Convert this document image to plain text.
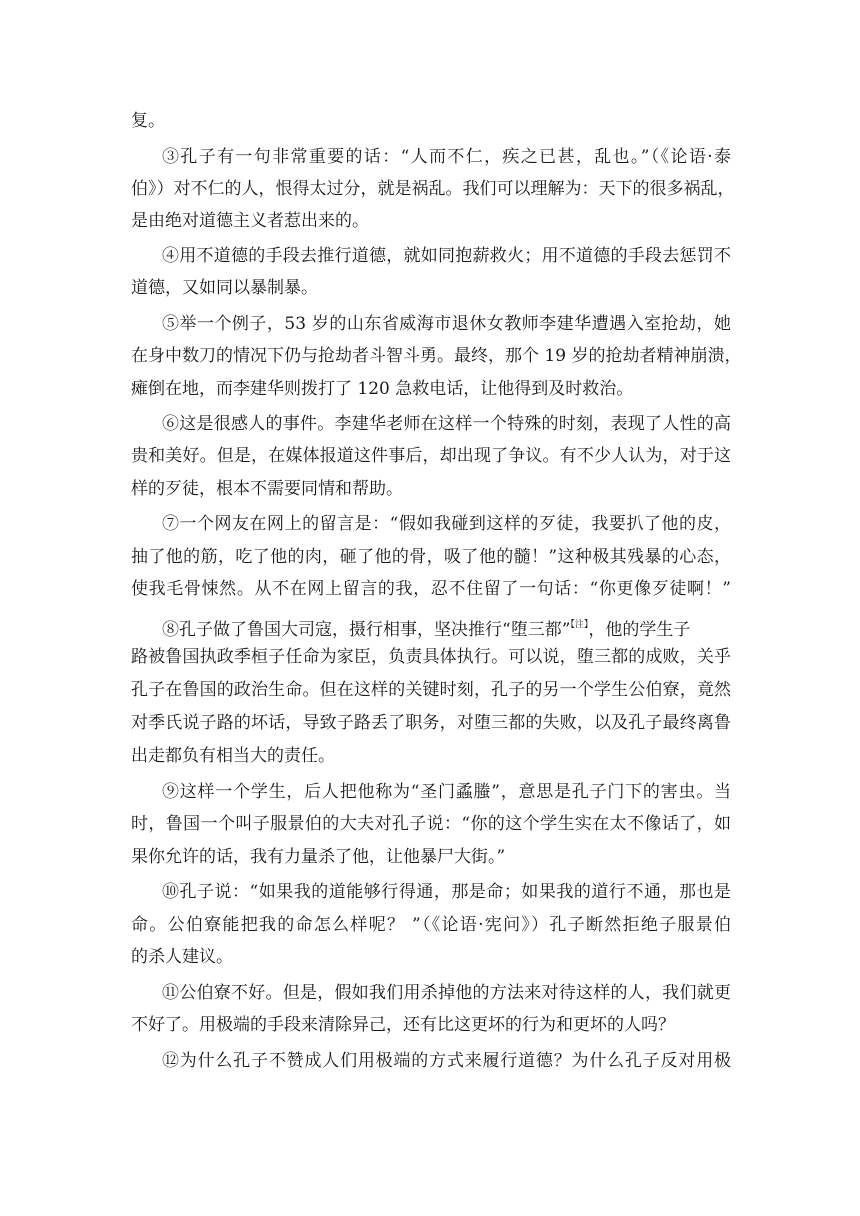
复。
③孔子有一句非常重要的话：“人而不仁，疾之已甚，乱也。”（《论语·泰
伯》）对不仁的人，恨得太过分，就是祸乱。我们可以理解为：天下的很多祸乱，
是由绝对道德主义者惹出来的。
④用不道德的手段去推行道德，就如同抱薪救火；用不道德的手段去惩罚不
道德，又如同以暴制暴。
⑤举一个例子，53 岁的山东省威海市退休女教师李建华遭遇入室抢劫，她
在身中数刀的情况下仍与抢劫者斗智斗勇。最终，那个 19 岁的抢劫者精神崩溃，
瘫倒在地，而李建华则拨打了 120 急救电话，让他得到及时救治。
⑥这是很感人的事件。李建华老师在这样一个特殊的时刻，表现了人性的高
贵和美好。但是，在媒体报道这件事后，却出现了争议。有不少人认为，对于这
样的歹徒，根本不需要同情和帮助。
⑦一个网友在网上的留言是：“假如我碰到这样的歹徒，我要扒了他的皮，
抽了他的筋，吃了他的肉，砸了他的骨，吸了他的髓！”这种极其残暴的心态，
使我毛骨悚然。从不在网上留言的我，忍不住留了一句话：“你更像歹徒啊！”
⑧孔子做了鲁国大司寇，摄行相事，坚决推行“堕三都”$^{【注】}$，他的学生子
路被鲁国执政季桓子任命为家臣，负责具体执行。可以说，堕三都的成败，关乎
孔子在鲁国的政治生命。但在这样的关键时刻，孔子的另一个学生公伯寮，竟然
对季氏说子路的坏话，导致子路丢了职务，对堕三都的失败，以及孔子最终离鲁
出走都负有相当大的责任。
⑨这样一个学生，后人把他称为“圣门蟊螣”，意思是孔子门下的害虫。当
时，鲁国一个叫子服景伯的大夫对孔子说：“你的这个学生实在太不像话了，如
果你允许的话，我有力量杀了他，让他暴尸大街。”
⑩孔子说：“如果我的道能够行得通，那是命；如果我的道行不通，那也是
命。公伯寮能把我的命怎么样呢？ ”（《论语·宪问》）孔子断然拒绝子服景伯
的杀人建议。
⑪公伯寮不好。但是，假如我们用杀掉他的方法来对待这样的人，我们就更
不好了。用极端的手段来清除异己，还有比这更坏的行为和更坏的人吗？
⑫为什么孔子不赞成人们用极端的方式来履行道德？为什么孔子反对用极
